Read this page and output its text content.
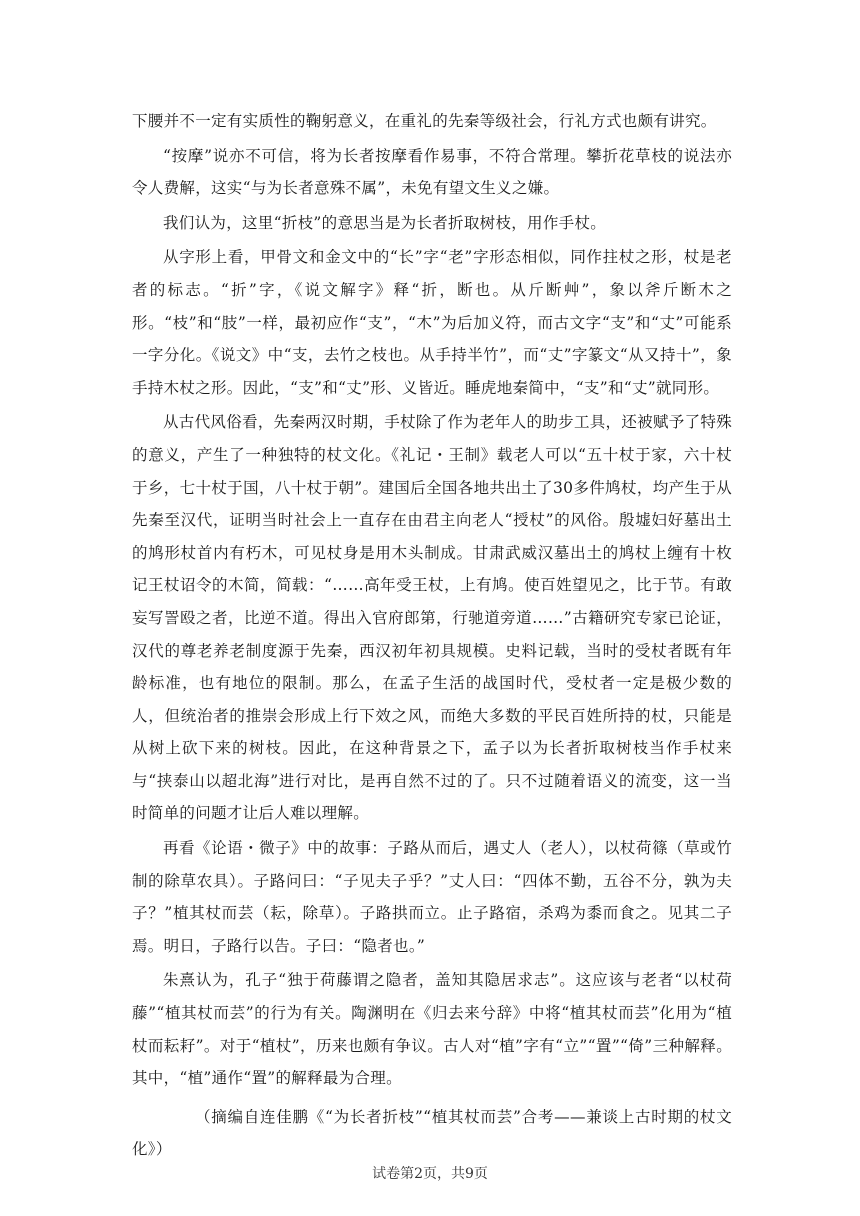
下腰并不一定有实质性的鞠躬意义，在重礼的先秦等级社会，行礼方式也颇有讲究。

“按摩”说亦不可信，将为长者按摩看作易事，不符合常理。攀折花草枝的说法亦令人费解，这实“与为长者意殊不属”，未免有望文生义之嫌。

我们认为，这里“折枝”的意思当是为长者折取树枝，用作手杖。

从字形上看，甲骨文和金文中的“长”字“老”字形态相似，同作拄杖之形，杖是老者的标志。“折”字，《说文解字》释“折，断也。从斤断艸”，象以斧斤断木之形。“枝”和“肢”一样，最初应作“支”，“木”为后加义符，而古文字“支”和“丈”可能系一字分化。《说文》中“支，去竹之枝也。从手持半竹”，而“丈”字篆文“从又持十”，象手持木杖之形。因此，“支”和“丈”形、义皆近。睡虎地秦简中，“支”和“丈”就同形。

从古代风俗看，先秦两汉时期，手杖除了作为老年人的助步工具，还被赋予了特殊的意义，产生了一种独特的杖文化。《礼记・王制》载老人可以“五十杖于家，六十杖于乡，七十杖于国，八十杖于朝”。建国后全国各地共出土了30多件鸠杖，均产生于从先秦至汉代，证明当时社会上一直存在由君主向老人“授杖”的风俗。殷墟妇好墓出土的鸠形杖首内有朽木，可见杖身是用木头制成。甘肃武威汉墓出土的鸠杖上缠有十枚记王杖诏令的木简，简载：“……高年受王杖，上有鸠。使百姓望见之，比于节。有敢妄写詈殴之者，比逆不道。得出入官府郎第，行驰道旁道……”古籍研究专家已论证，汉代的尊老养老制度源于先秦，西汉初年初具规模。史料记载，当时的受杖者既有年龄标准，也有地位的限制。那么，在孟子生活的战国时代，受杖者一定是极少数的人，但统治者的推崇会形成上行下效之风，而绝大多数的平民百姓所持的杖，只能是从树上砍下来的树枝。因此，在这种背景之下，孟子以为长者折取树枝当作手杖来与“挟泰山以超北海”进行对比，是再自然不过的了。只不过随着语义的流变，这一当时简单的问题才让后人难以理解。

再看《论语・微子》中的故事：子路从而后，遇丈人（老人），以杖荷篠（草或竹制的除草农具）。子路问曰：“子见夫子乎？”丈人曰：“四体不勤，五谷不分，孰为夫子？”植其杖而芸（耘，除草）。子路拱而立。止子路宿，杀鸡为黍而食之。见其二子焉。明日，子路行以告。子曰：“隐者也。”

朱熹认为，孔子“独于荷藤谓之隐者，盖知其隐居求志”。这应该与老者“以杖荷藤”“植其杖而芸”的行为有关。陶渊明在《归去来兮辞》中将“植其杖而芸”化用为“植杖而耘耔”。对于“植杖”，历来也颇有争议。古人对“植”字有“立”“置”“倚”三种解释。其中，“植”通作“置”的解释最为合理。

（摘编自连佳鹏《“为长者折枝”“植其杖而芸”合考——兼谈上古时期的杖文化》）

试卷第2页，共9页
